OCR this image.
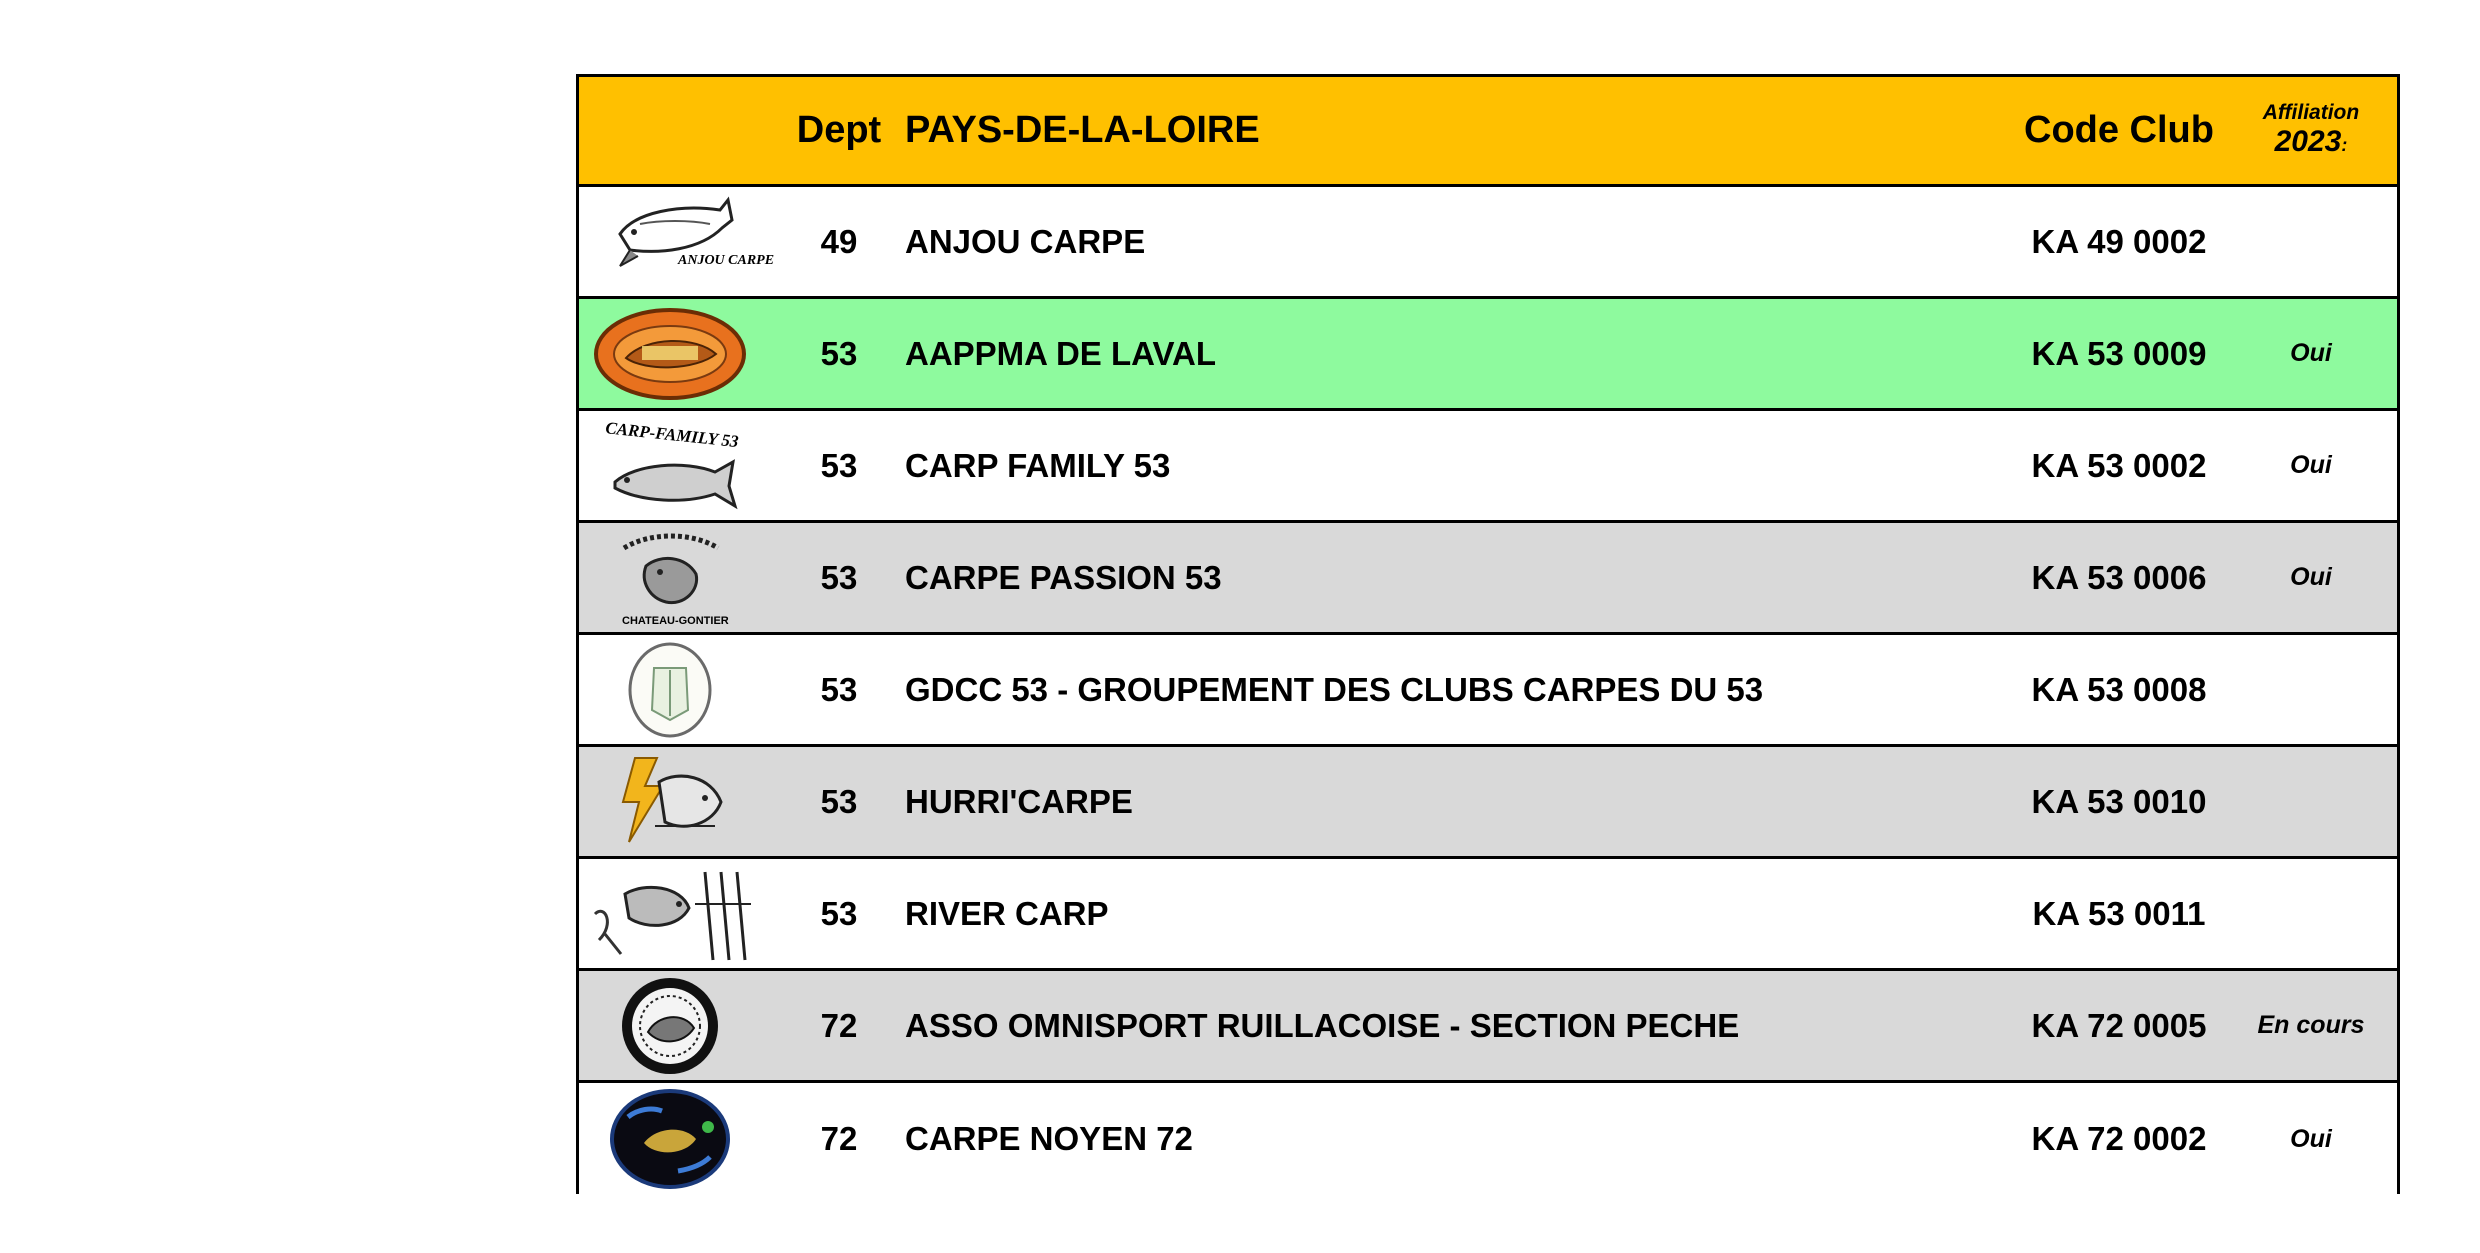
Dept PAYS-DE-LA-LOIRE	Code Club	Affiliation
2023:
ANJOU CARPE
49	ANJOU CARPE	KA 49 0002
53	AAPPMA DE LAVAL	KA 53 0009	Oui
CARP-FAMILY 53
53	CARP FAMILY 53	KA 53 0002	Oui
CHATEAU-GONTIER
53	CARPE PASSION 53	KA 53 0006	Oui
53	GDCC 53 - GROUPEMENT DES CLUBS CARPES DU 53	KA 53 0008
53	HURRI'CARPE	KA 53 0010
53	RIVER CARP	KA 53 0011
72	ASSO OMNISPORT RUILLACOISE - SECTION PECHE	KA 72 0005	En cours
72	CARPE NOYEN 72	KA 72 0002	Oui
